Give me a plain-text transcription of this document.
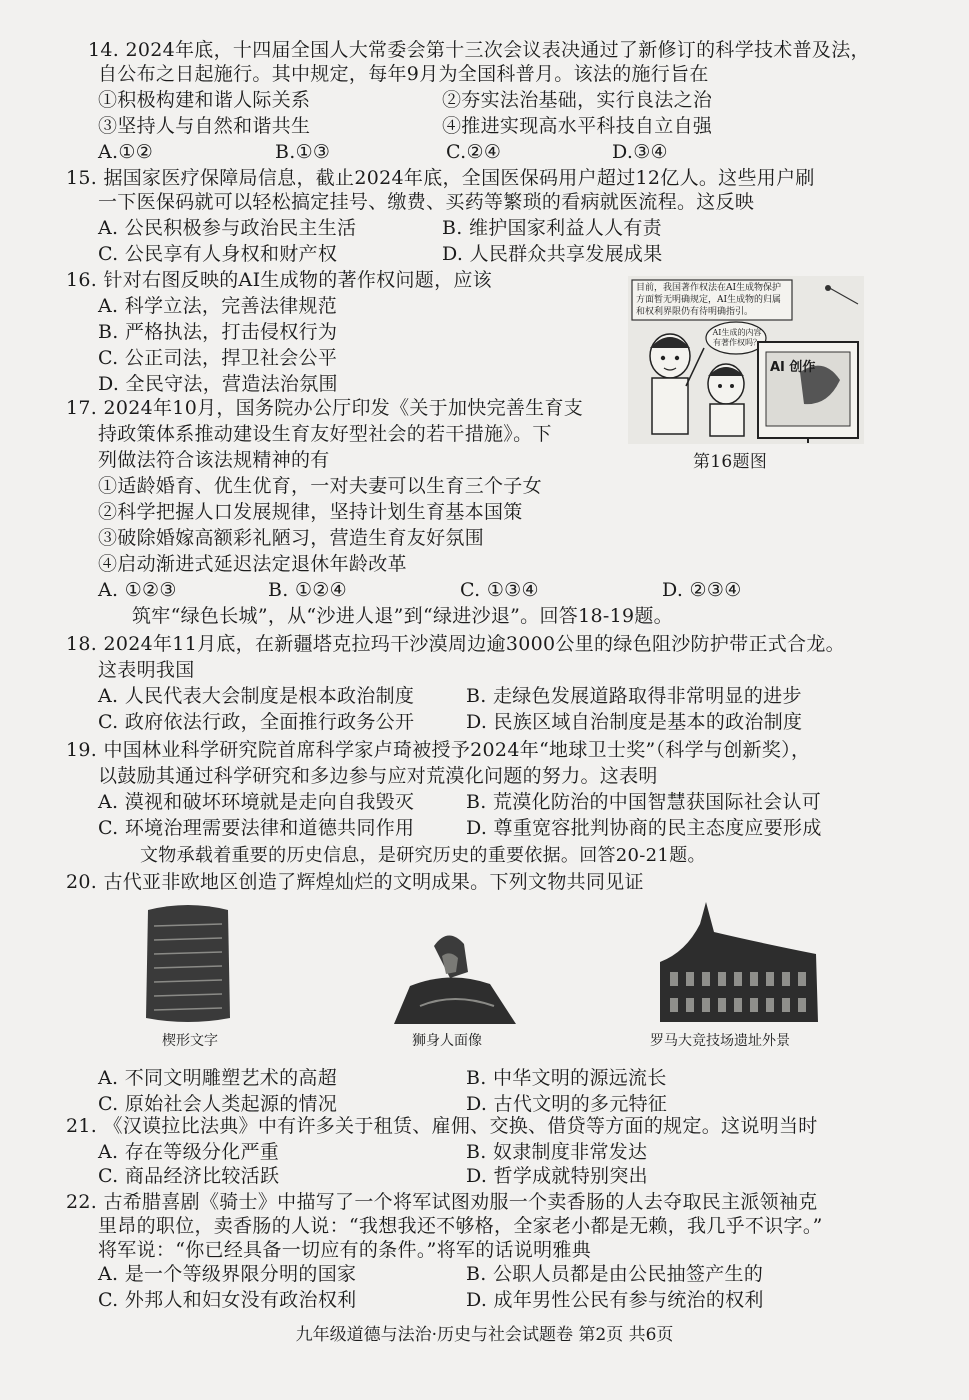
14. 2024年底，十四届全国人大常委会第十三次会议表决通过了新修订的科学技术普及法，
自公布之日起施行。其中规定，每年9月为全国科普月。该法的施行旨在
①积极构建和谐人际关系	②夯实法治基础，实行良法之治
③坚持人与自然和谐共生	④推进实现高水平科技自立自强
A.①②	B.①③	C.②④	D.③④
15. 据国家医疗保障局信息，截止2024年底，全国医保码用户超过12亿人。这些用户刷
一下医保码就可以轻松搞定挂号、缴费、买药等繁琐的看病就医流程。这反映
A. 公民积极参与政治民主生活	B. 维护国家利益人人有责
C. 公民享有人身权和财产权	D. 人民群众共享发展成果
16. 针对右图反映的AI生成物的著作权问题，应该
A. 科学立法，完善法律规范
B. 严格执法，打击侵权行为
C. 公正司法，捍卫社会公平
D. 全民守法，营造法治氛围
目前，我国著作权法在AI生成物保护方面暂无明确规定，AI生成物的归属和权利界限仍有待明确指引。
AI生成的内容有著作权吗？
AI 创作
第16题图
17. 2024年10月，国务院办公厅印发《关于加快完善生育支
持政策体系推动建设生育友好型社会的若干措施》。下
列做法符合该法规精神的有
①适龄婚育、优生优育，一对夫妻可以生育三个子女
②科学把握人口发展规律，坚持计划生育基本国策
③破除婚嫁高额彩礼陋习，营造生育友好氛围
④启动渐进式延迟法定退休年龄改革
A. ①②③	B. ①②④	C. ①③④	D. ②③④
筑牢“绿色长城”，从“沙进人退”到“绿进沙退”。回答18-19题。
18. 2024年11月底，在新疆塔克拉玛干沙漠周边逾3000公里的绿色阻沙防护带正式合龙。
这表明我国
A. 人民代表大会制度是根本政治制度	B. 走绿色发展道路取得非常明显的进步
C. 政府依法行政，全面推行政务公开	D. 民族区域自治制度是基本的政治制度
19. 中国林业科学研究院首席科学家卢琦被授予2024年“地球卫士奖”（科学与创新奖），
以鼓励其通过科学研究和多边参与应对荒漠化问题的努力。这表明
A. 漠视和破坏环境就是走向自我毁灭	B. 荒漠化防治的中国智慧获国际社会认可
C. 环境治理需要法律和道德共同作用	D. 尊重宽容批判协商的民主态度应要形成
文物承载着重要的历史信息，是研究历史的重要依据。回答20-21题。
20. 古代亚非欧地区创造了辉煌灿烂的文明成果。下列文物共同见证
楔形文字	狮身人面像	罗马大竞技场遗址外景
A. 不同文明雕塑艺术的高超	B. 中华文明的源远流长
C. 原始社会人类起源的情况	D. 古代文明的多元特征
21. 《汉谟拉比法典》中有许多关于租赁、雇佣、交换、借贷等方面的规定。这说明当时
A. 存在等级分化严重	B. 奴隶制度非常发达
C. 商品经济比较活跃	D. 哲学成就特别突出
22. 古希腊喜剧《骑士》中描写了一个将军试图劝服一个卖香肠的人去夺取民主派领袖克
里昂的职位，卖香肠的人说：“我想我还不够格，全家老小都是无赖，我几乎不识字。”
将军说：“你已经具备一切应有的条件。”将军的话说明雅典
A. 是一个等级界限分明的国家	B. 公职人员都是由公民抽签产生的
C. 外邦人和妇女没有政治权利	D. 成年男性公民有参与统治的权利
九年级道德与法治·历史与社会试题卷 第2页 共6页
